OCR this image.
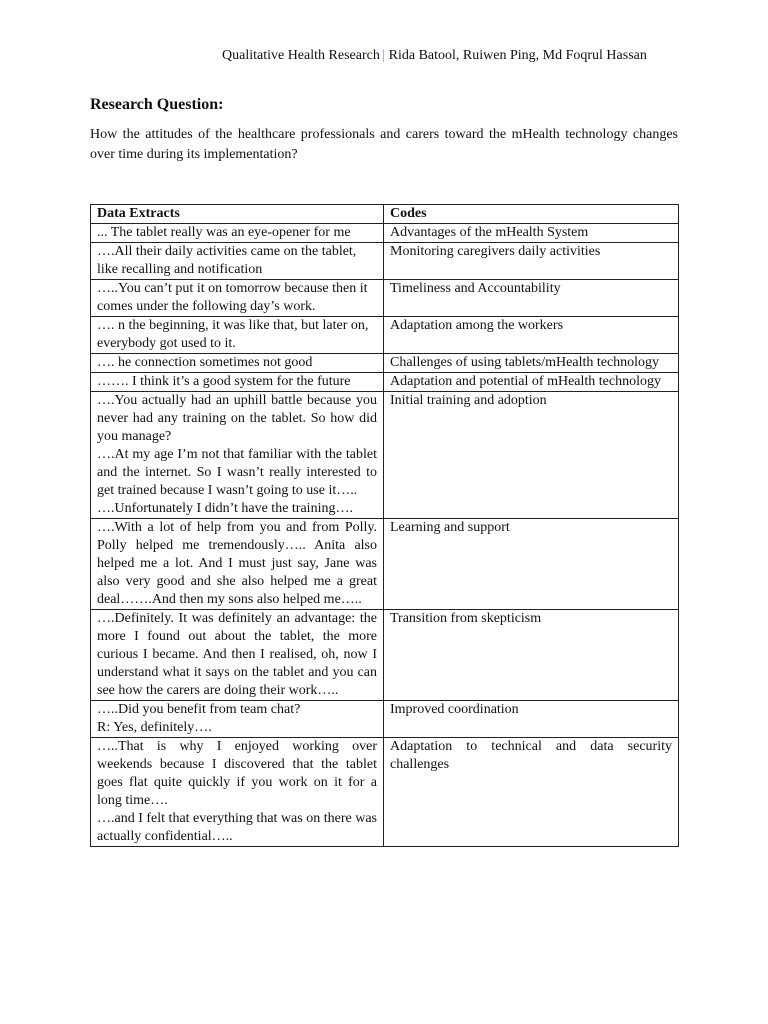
Qualitative Health Research | Rida Batool, Ruiwen Ping, Md Foqrul Hassan
Research Question:

How the attitudes of the healthcare professionals and carers toward the mHealth technology changes over time during its implementation?

Data Extracts	Codes

... The tablet really was an eye-opener for me	Advantages of the mHealth System

….All their daily activities came on the tablet, like recalling and notification	Monitoring caregivers daily activities

…..You can’t put it on tomorrow because then it comes under the following day’s work.	Timeliness and Accountability

…. n the beginning, it was like that, but later on, everybody got used to it.	Adaptation among the workers

…. he connection sometimes not good	Challenges of using tablets/mHealth technology

……. I think it’s a good system for the future	Adaptation and potential of mHealth technology

….You actually had an uphill battle because you never had any training on the tablet. So how did you manage?
….At my age I’m not that familiar with the tablet and the internet. So I wasn’t really interested to get trained because I wasn’t going to use it…..
….Unfortunately I didn’t have the training….	Initial training and adoption

….With a lot of help from you and from Polly. Polly helped me tremendously….. Anita also helped me a lot. And I must just say, Jane was also very good and she also helped me a great deal…….And then my sons also helped me…..	Learning and support

….Definitely. It was definitely an advantage: the more I found out about the tablet, the more curious I became. And then I realised, oh, now I understand what it says on the tablet and you can see how the carers are doing their work…..	Transition from skepticism

…..Did you benefit from team chat?
R: Yes, definitely….	Improved coordination

…..That is why I enjoyed working over weekends because I discovered that the tablet goes flat quite quickly if you work on it for a long time….
….and I felt that everything that was on there was actually confidential…..	Adaptation to technical and data security challenges
